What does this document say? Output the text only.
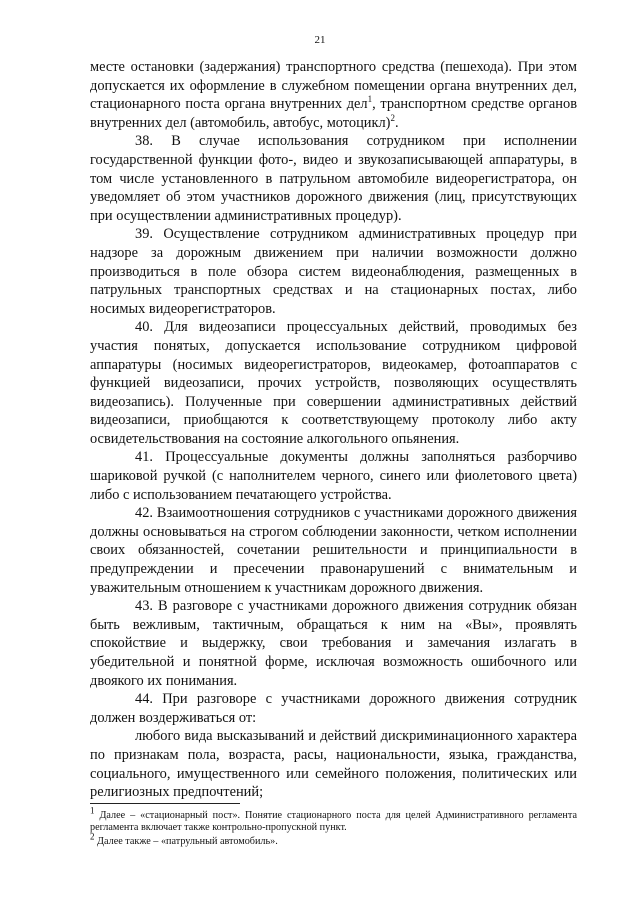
21

месте остановки (задержания) транспортного средства (пешехода). При этом допускается их оформление в служебном помещении органа внутренних дел, стационарного поста органа внутренних дел$^1$, транспортном средстве органов внутренних дел (автомобиль, автобус, мотоцикл)$^2$.

38. В случае использования сотрудником при исполнении государственной функции фото-, видео и звукозаписывающей аппаратуры, в том числе установленного в патрульном автомобиле видеорегистратора, он уведомляет об этом участников дорожного движения (лиц, присутствующих при осуществлении административных процедур).

39. Осуществление сотрудником административных процедур при надзоре за дорожным движением при наличии возможности должно производиться в поле обзора систем видеонаблюдения, размещенных в патрульных транспортных средствах и на стационарных постах, либо носимых видеорегистраторов.

40. Для видеозаписи процессуальных действий, проводимых без участия понятых, допускается использование сотрудником цифровой аппаратуры (носимых видеорегистраторов, видеокамер, фотоаппаратов с функцией видеозаписи, прочих устройств, позволяющих осуществлять видеозапись). Полученные при совершении административных действий видеозаписи, приобщаются к соответствующему протоколу либо акту освидетельствования на состояние алкогольного опьянения.

41. Процессуальные документы должны заполняться разборчиво шариковой ручкой (с наполнителем черного, синего или фиолетового цвета) либо с использованием печатающего устройства.

42. Взаимоотношения сотрудников с участниками дорожного движения должны основываться на строгом соблюдении законности, четком исполнении своих обязанностей, сочетании решительности и принципиальности в предупреждении и пресечении правонарушений с внимательным и уважительным отношением к участникам дорожного движения.

43. В разговоре с участниками дорожного движения сотрудник обязан быть вежливым, тактичным, обращаться к ним на «Вы», проявлять спокойствие и выдержку, свои требования и замечания излагать в убедительной и понятной форме, исключая возможность ошибочного или двоякого их понимания.

44. При разговоре с участниками дорожного движения сотрудник должен воздерживаться от:

любого вида высказываний и действий дискриминационного характера по признакам пола, возраста, расы, национальности, языка, гражданства, социального, имущественного или семейного положения, политических или религиозных предпочтений;

$^1$ Далее – «стационарный пост». Понятие стационарного поста для целей Административного регламента регламента включает также контрольно-пропускной пункт.
$^2$ Далее также – «патрульный автомобиль».
